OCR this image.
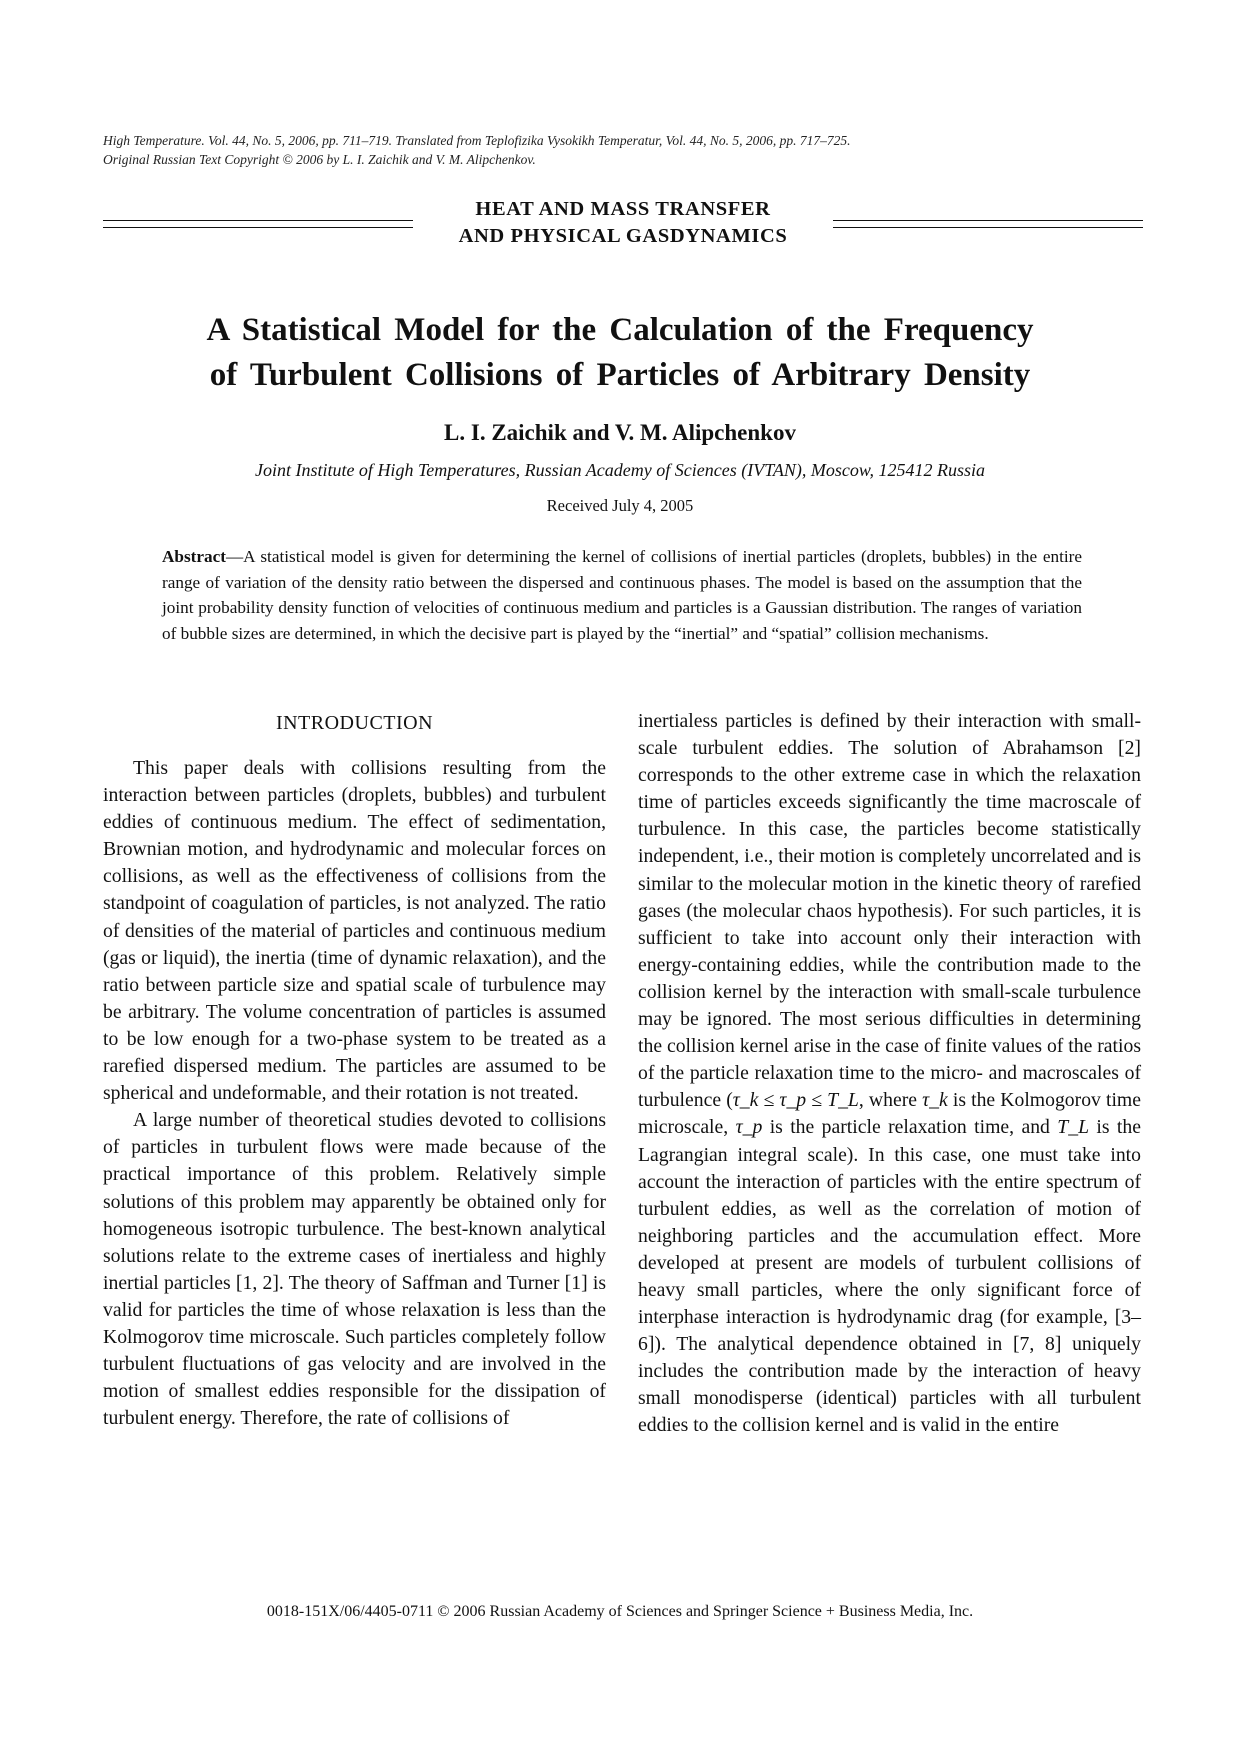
High Temperature. Vol. 44, No. 5, 2006, pp. 711–719. Translated from Teplofizika Vysokikh Temperatur, Vol. 44, No. 5, 2006, pp. 717–725.
Original Russian Text Copyright © 2006 by L. I. Zaichik and V. M. Alipchenkov.
HEAT AND MASS TRANSFER
AND PHYSICAL GASDYNAMICS
A Statistical Model for the Calculation of the Frequency
of Turbulent Collisions of Particles of Arbitrary Density
L. I. Zaichik and V. M. Alipchenkov
Joint Institute of High Temperatures, Russian Academy of Sciences (IVTAN), Moscow, 125412 Russia
Received July 4, 2005
Abstract—A statistical model is given for determining the kernel of collisions of inertial particles (droplets, bubbles) in the entire range of variation of the density ratio between the dispersed and continuous phases. The model is based on the assumption that the joint probability density function of velocities of continuous medium and particles is a Gaussian distribution. The ranges of variation of bubble sizes are determined, in which the decisive part is played by the “inertial” and “spatial” collision mechanisms.
INTRODUCTION

This paper deals with collisions resulting from the interaction between particles (droplets, bubbles) and turbulent eddies of continuous medium. The effect of sedimentation, Brownian motion, and hydrodynamic and molecular forces on collisions, as well as the effectiveness of collisions from the standpoint of coagulation of particles, is not analyzed. The ratio of densities of the material of particles and continuous medium (gas or liquid), the inertia (time of dynamic relaxation), and the ratio between particle size and spatial scale of turbulence may be arbitrary. The volume concentration of particles is assumed to be low enough for a two-phase system to be treated as a rarefied dispersed medium. The particles are assumed to be spherical and undeformable, and their rotation is not treated.

A large number of theoretical studies devoted to collisions of particles in turbulent flows were made because of the practical importance of this problem. Relatively simple solutions of this problem may apparently be obtained only for homogeneous isotropic turbulence. The best-known analytical solutions relate to the extreme cases of inertialess and highly inertial particles [1, 2]. The theory of Saffman and Turner [1] is valid for particles the time of whose relaxation is less than the Kolmogorov time microscale. Such particles completely follow turbulent fluctuations of gas velocity and are involved in the motion of smallest eddies responsible for the dissipation of turbulent energy. Therefore, the rate of collisions of

inertialess particles is defined by their interaction with small-scale turbulent eddies. The solution of Abrahamson [2] corresponds to the other extreme case in which the relaxation time of particles exceeds significantly the time macroscale of turbulence. In this case, the particles become statistically independent, i.e., their motion is completely uncorrelated and is similar to the molecular motion in the kinetic theory of rarefied gases (the molecular chaos hypothesis). For such particles, it is sufficient to take into account only their interaction with energy-containing eddies, while the contribution made to the collision kernel by the interaction with small-scale turbulence may be ignored. The most serious difficulties in determining the collision kernel arise in the case of finite values of the ratios of the particle relaxation time to the micro- and macroscales of turbulence (τ_k ≤ τ_p ≤ T_L, where τ_k is the Kolmogorov time microscale, τ_p is the particle relaxation time, and T_L is the Lagrangian integral scale). In this case, one must take into account the interaction of particles with the entire spectrum of turbulent eddies, as well as the correlation of motion of neighboring particles and the accumulation effect. More developed at present are models of turbulent collisions of heavy small particles, where the only significant force of interphase interaction is hydrodynamic drag (for example, [3–6]). The analytical dependence obtained in [7, 8] uniquely includes the contribution made by the interaction of heavy small monodisperse (identical) particles with all turbulent eddies to the collision kernel and is valid in the entire

0018-151X/06/4405-0711 © 2006 Russian Academy of Sciences and Springer Science + Business Media, Inc.
